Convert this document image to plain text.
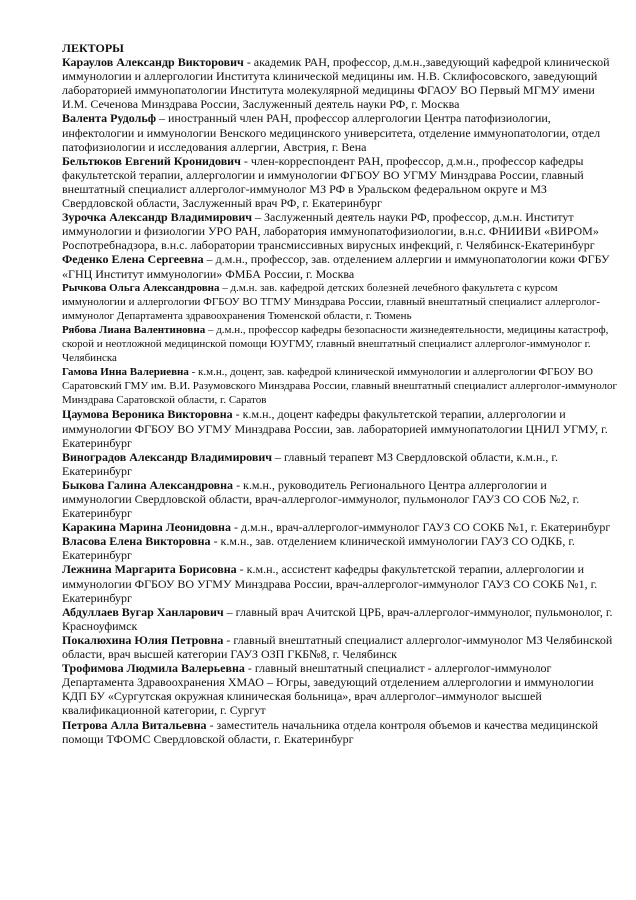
ЛЕКТОРЫ

Караулов Александр Викторович - академик РАН, профессор, д.м.н.,заведующий кафедрой клинической иммунологии и аллергологии Института клинической медицины им. Н.В. Склифосовского, заведующий лабораторией иммунопатологии Института молекулярной медицины ФГАОУ ВО Первый МГМУ имени И.М. Сеченова Минздрава России, Заслуженный деятель науки РФ, г. Москва

Валента Рудольф – иностранный член РАН, профессор аллергологии Центра патофизиологии, инфектологии и иммунологии Венского медицинского университета, отделение иммунопатологии, отдел патофизиологии и исследования аллергии, Австрия, г. Вена

Бельтюков Евгений Кронидович - член-корреспондент РАН, профессор, д.м.н., профессор кафедры факультетской терапии, аллергологии и иммунологии ФГБОУ ВО УГМУ Минздрава России, главный внештатный специалист аллерголог-иммунолог МЗ РФ в Уральском федеральном округе и МЗ Свердловской области, Заслуженный врач РФ, г. Екатеринбург

Зурочка Александр Владимирович – Заслуженный деятель науки РФ, профессор, д.м.н. Институт иммунологии и физиологии УРО РАН, лаборатория иммунопатофизиологии, в.н.с. ФНИИВИ «ВИРОМ» Роспотребнадзора, в.н.с. лаборатории трансмиссивных вирусных инфекций, г. Челябинск-Екатеринбург

Феденко Елена Сергеевна – д.м.н., профессор, зав. отделением аллергии и иммунопатологии кожи ФГБУ «ГНЦ Институт иммунологии» ФМБА России, г. Москва

Рычкова Ольга Александровна – д.м.н. зав. кафедрой детских болезней лечебного факультета с курсом иммунологии и аллергологии ФГБОУ ВО ТГМУ Минздрава России, главный внештатный специалист аллерголог-иммунолог Департамента здравоохранения Тюменской области, г. Тюмень

Рябова Лиана Валентиновна – д.м.н., профессор кафедры безопасности жизнедеятельности, медицины катастроф, скорой и неотложной медицинской помощи ЮУГМУ, главный внештатный специалист аллерголог-иммунолог г. Челябинска

Гамова Инна Валериевна - к.м.н., доцент, зав. кафедрой клинической иммунологии и аллергологии ФГБОУ ВО Саратовский ГМУ им. В.И. Разумовского Минздрава России, главный внештатный специалист аллерголог-иммунолог Минздрава Саратовской области, г. Саратов

Цаумова Вероника Викторовна - к.м.н., доцент кафедры факультетской терапии, аллергологии и иммунологии ФГБОУ ВО УГМУ Минздрава России, зав. лабораторией иммунопатологии ЦНИЛ УГМУ, г. Екатеринбург

Виноградов Александр Владимирович – главный терапевт МЗ Свердловской области, к.м.н., г. Екатеринбург

Быкова Галина Александровна - к.м.н., руководитель Регионального Центра аллергологии и иммунологии Свердловской области, врач-аллерголог-иммунолог, пульмонолог ГАУЗ СО СОБ №2, г. Екатеринбург

Каракина Марина Леонидовна - д.м.н., врач-аллерголог-иммунолог ГАУЗ СО СОКБ №1, г. Екатеринбург

Власова Елена Викторовна - к.м.н., зав. отделением клинической иммунологии ГАУЗ СО ОДКБ, г. Екатеринбург

Лежнина Маргарита Борисовна - к.м.н., ассистент кафедры факультетской терапии, аллергологии и иммунологии ФГБОУ ВО УГМУ Минздрава России, врач-аллерголог-иммунолог ГАУЗ СО СОКБ №1, г. Екатеринбург

Абдуллаев Вугар Ханларович – главный врач Ачитской ЦРБ, врач-аллерголог-иммунолог, пульмонолог, г. Красноуфимск

Покалюхина Юлия Петровна - главный внештатный специалист аллерголог-иммунолог МЗ Челябинской области, врач высшей категории ГАУЗ ОЗП ГКБ№8, г. Челябинск

Трофимова Людмила Валерьевна - главный внештатный специалист - аллерголог-иммунолог Департамента Здравоохранения ХМАО – Югры, заведующий отделением аллергологии и иммунологии КДП БУ «Сургутская окружная клиническая больница», врач аллерголог–иммунолог высшей квалификационной категории, г. Сургут

Петрова Алла Витальевна - заместитель начальника отдела контроля объемов и качества медицинской помощи ТФОМС Свердловской области, г. Екатеринбург
